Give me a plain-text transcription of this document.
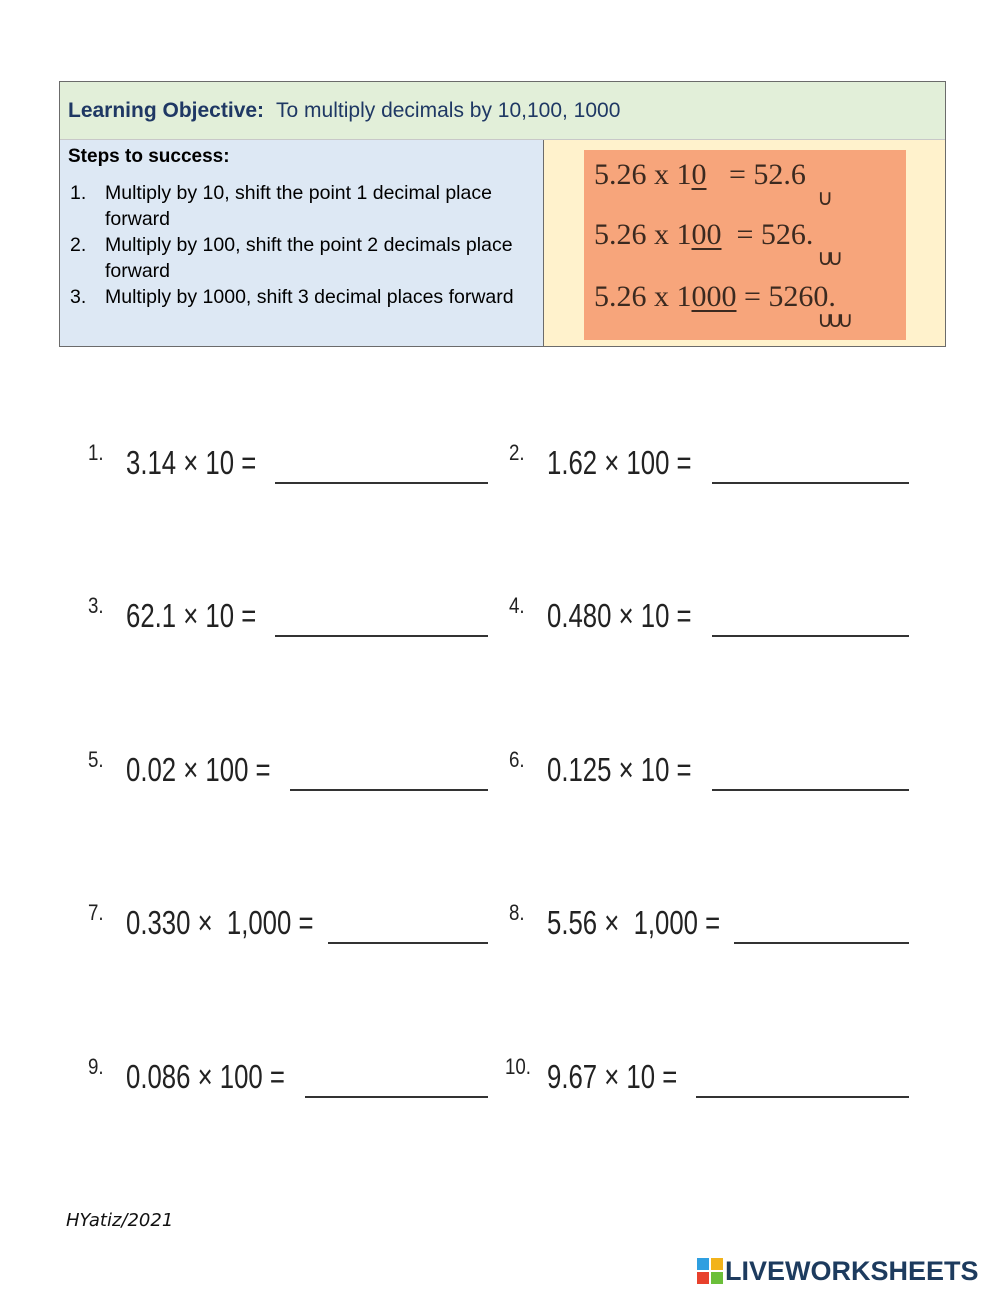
Learning Objective: To multiply decimals by 10,100, 1000
Steps to success:
1. Multiply by 10, shift the point 1 decimal place forward
2. Multiply by 100, shift the point 2 decimals place forward
3. Multiply by 1000, shift 3 decimal places forward
5.26 x 10   = 52.6
∪
5.26 x 100  = 526.
∪∪
5.26 x 1000 = 5260.
∪∪∪
1. 3.14 × 10 =	2. 1.62 × 100 =
3. 62.1 × 10 =	4. 0.480 × 10 =
5. 0.02 × 100 =	6. 0.125 × 10 =
7. 0.330 ×  1,000 =	8. 5.56 ×  1,000 =
9. 0.086 × 100 =	10. 9.67 × 10 =
HYatiz/2021
LIVEWORKSHEETS
